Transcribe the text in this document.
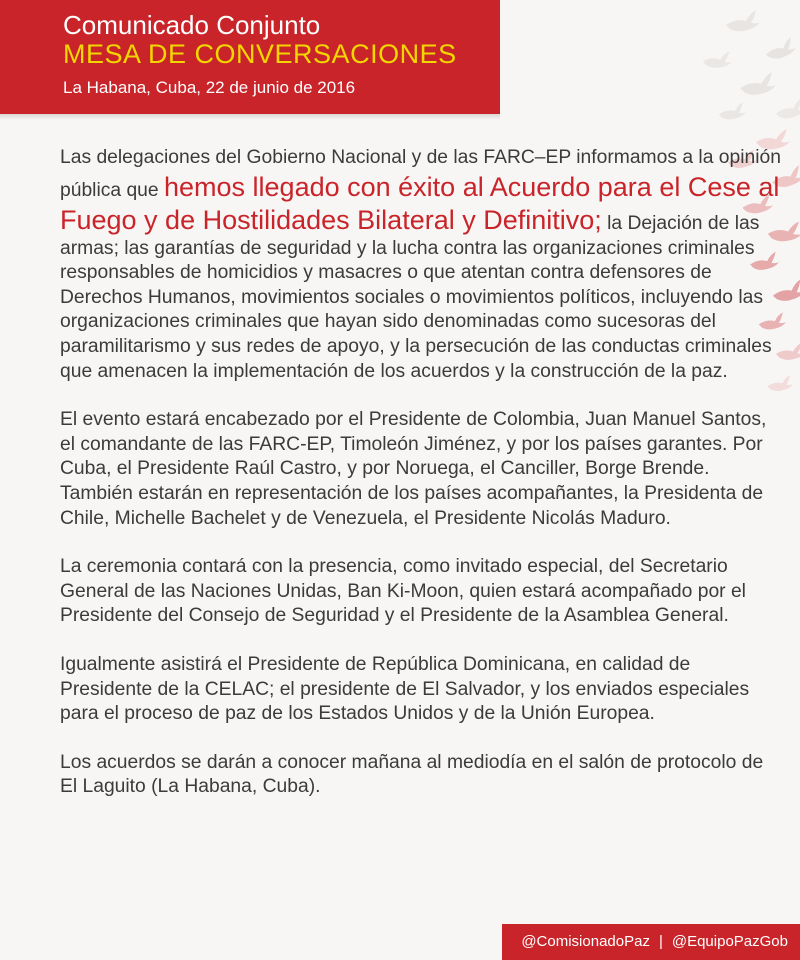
Comunicado Conjunto
MESA DE CONVERSACIONES
La Habana, Cuba, 22 de junio de 2016

Las delegaciones del Gobierno Nacional y de las FARC–EP informamos a la opinión pública que hemos llegado con éxito al Acuerdo para el Cese al Fuego y de Hostilidades Bilateral y Definitivo; la Dejación de las armas; las garantías de seguridad y la lucha contra las organizaciones criminales responsables de homicidios y masacres o que atentan contra defensores de Derechos Humanos, movimientos sociales o movimientos políticos, incluyendo las organizaciones criminales que hayan sido denominadas como sucesoras del paramilitarismo y sus redes de apoyo, y la persecución de las conductas criminales que amenacen la implementación de los acuerdos y la construcción de la paz.

El evento estará encabezado por el Presidente de Colombia, Juan Manuel Santos, el comandante de las FARC-EP, Timoleón Jiménez, y por los países garantes. Por Cuba, el Presidente Raúl Castro, y por Noruega, el Canciller, Borge Brende. También estarán en representación de los países acompañantes, la Presidenta de Chile, Michelle Bachelet y de Venezuela, el Presidente Nicolás Maduro.

La ceremonia contará con la presencia, como invitado especial, del Secretario General de las Naciones Unidas, Ban Ki-Moon, quien estará acompañado por el Presidente del Consejo de Seguridad y el Presidente de la Asamblea General.

Igualmente asistirá el Presidente de República Dominicana, en calidad de Presidente de la CELAC; el presidente de El Salvador, y los enviados especiales para el proceso de paz de los Estados Unidos y de la Unión Europea.

Los acuerdos se darán a conocer mañana al mediodía en el salón de protocolo de El Laguito (La Habana, Cuba).

@ComisionadoPaz | @EquipoPazGob
